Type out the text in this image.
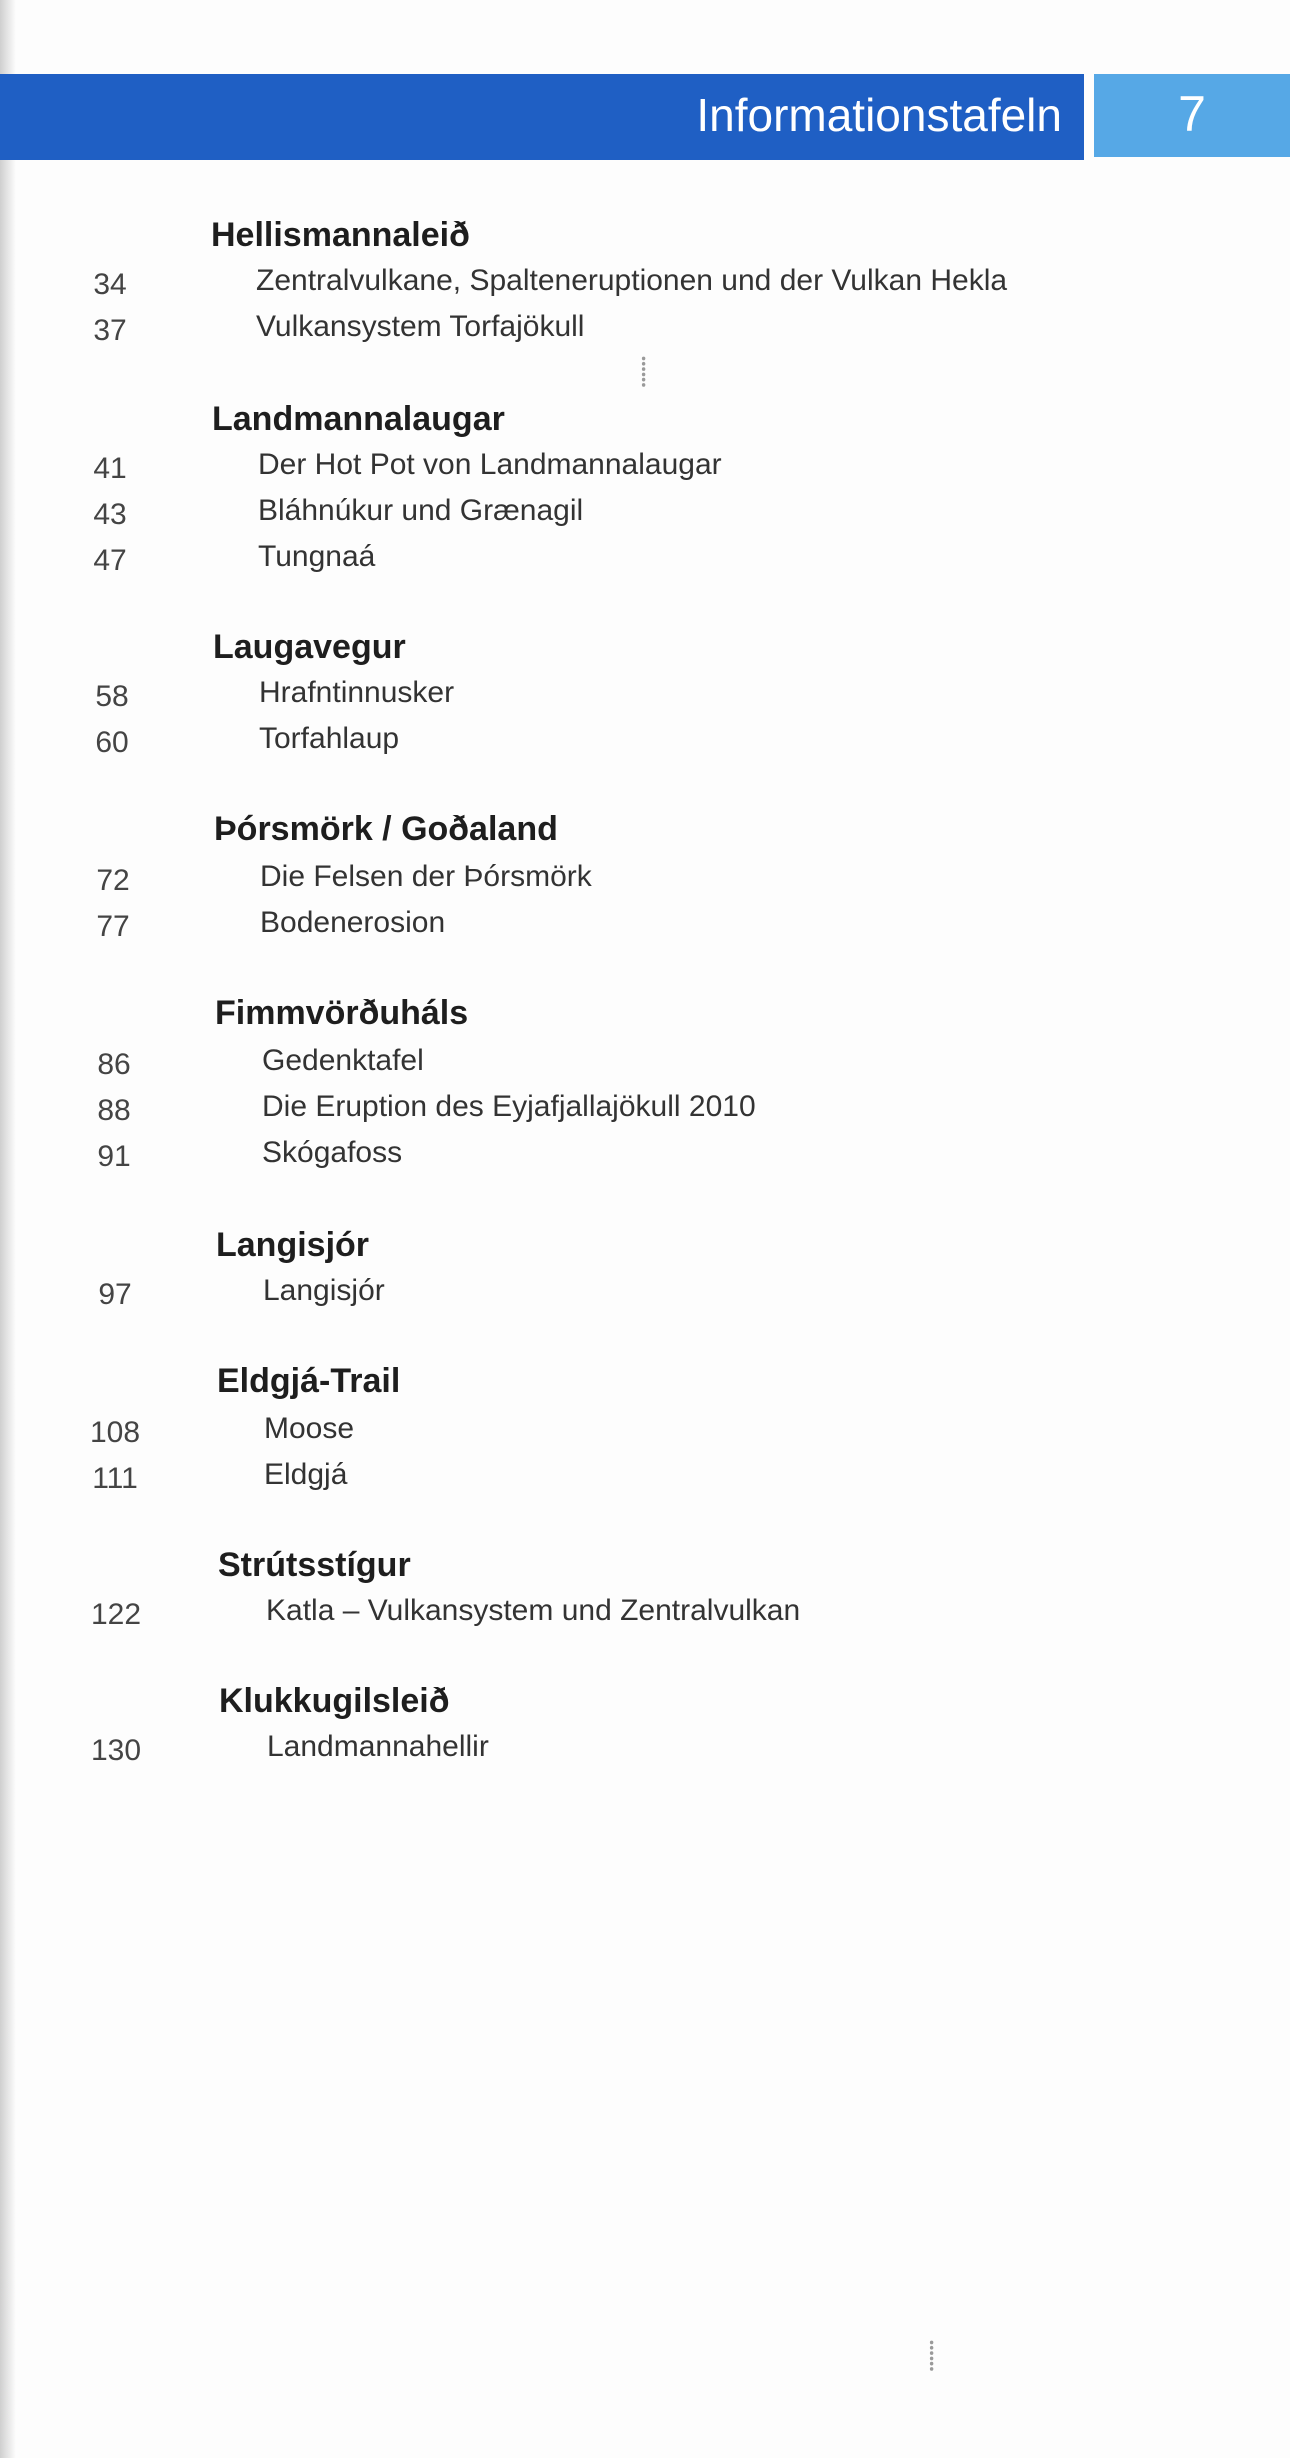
Informationstafeln	7
Hellismannaleið
34	Zentralvulkane, Spalteneruptionen und der Vulkan Hekla
37	Vulkansystem Torfajökull
Landmannalaugar
41	Der Hot Pot von Landmannalaugar
43	Bláhnúkur und Grænagil
47	Tungnaá
Laugavegur
58	Hrafntinnusker
60	Torfahlaup
Þórsmörk / Goðaland
72	Die Felsen der Þórsmörk
77	Bodenerosion
Fimmvörðuháls
86	Gedenktafel
88	Die Eruption des Eyjafjallajökull 2010
91	Skógafoss
Langisjór
97	Langisjór
Eldgjá-Trail
108	Moose
111	Eldgjá
Strútsstígur
122	Katla – Vulkansystem und Zentralvulkan
Klukkugilsleið
130	Landmannahellir
⸽
⸽
